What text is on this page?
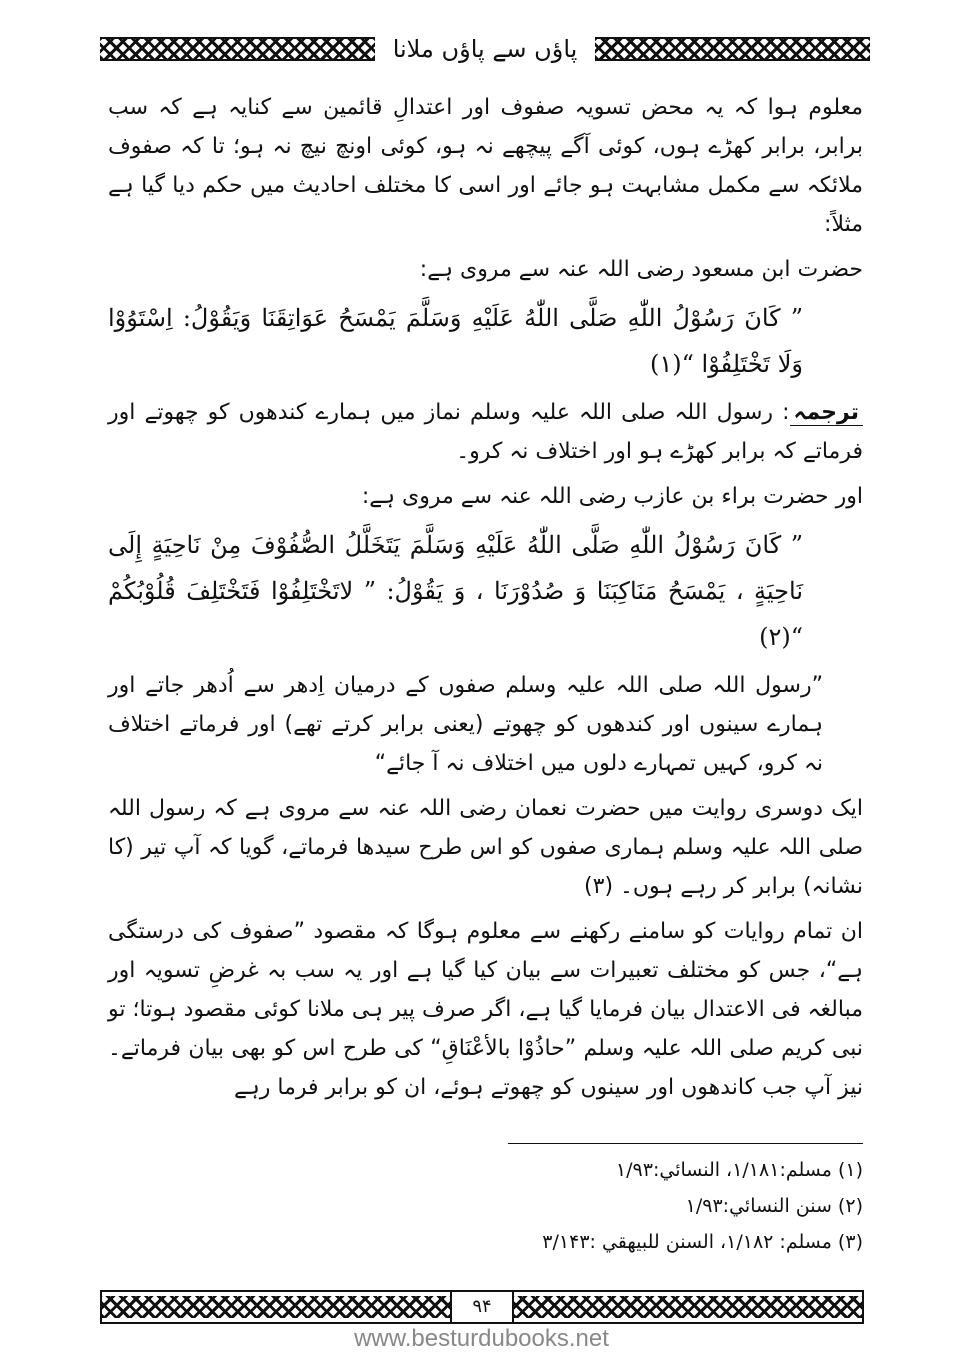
پاؤں سے پاؤں ملانا

معلوم ہوا کہ یہ محض تسویہ صفوف اور اعتدالِ قائمین سے کنایہ ہے کہ سب برابر، برابر کھڑے ہوں، کوئی آگے پیچھے نہ ہو، کوئی اونچ نیچ نہ ہو؛ تا کہ صفوف ملائکہ سے مکمل مشابہت ہو جائے اور اسی کا مختلف احادیث میں حکم دیا گیا ہے مثلاً:

حضرت ابن مسعود رضی اللہ عنہ سے مروی ہے:

” كَانَ رَسُوْلُ اللّٰهِ صَلَّى اللّٰهُ عَلَيْهِ وَسَلَّمَ يَمْسَحُ عَوَاتِقَنَا وَيَقُوْلُ: اِسْتَوُوْا وَلَا تَخْتَلِفُوْا “(۱)

ترجمہ: رسول اللہ صلی اللہ علیہ وسلم نماز میں ہمارے کندھوں کو چھوتے اور فرماتے کہ برابر کھڑے ہو اور اختلاف نہ کرو۔

اور حضرت براء بن عازب رضی اللہ عنہ سے مروی ہے:

” كَانَ رَسُوْلُ اللّٰهِ صَلَّى اللّٰهُ عَلَيْهِ وَسَلَّمَ يَتَخَلَّلُ الصُّفُوْفَ مِنْ نَاحِيَةٍ إِلَى نَاحِيَةٍ ، يَمْسَحُ مَنَاكِبَنَا وَ صُدُوْرَنَا ، وَ يَقُوْلُ: ” لاتَخْتَلِفُوْا فَتَخْتَلِفَ قُلُوْبُكُمْ “(۲)

”رسول اللہ صلی اللہ علیہ وسلم صفوں کے درمیان اِدھر سے اُدھر جاتے اور ہمارے سینوں اور کندھوں کو چھوتے (یعنی برابر کرتے تھے) اور فرماتے اختلاف نہ کرو، کہیں تمہارے دلوں میں اختلاف نہ آ جائے“

ایک دوسری روایت میں حضرت نعمان رضی اللہ عنہ سے مروی ہے کہ رسول اللہ صلی اللہ علیہ وسلم ہماری صفوں کو اس طرح سیدھا فرماتے، گویا کہ آپ تیر (کا نشانہ) برابر کر رہے ہوں۔ (۳)

ان تمام روایات کو سامنے رکھنے سے معلوم ہوگا کہ مقصود ”صفوف کی درستگی ہے“، جس کو مختلف تعبیرات سے بیان کیا گیا ہے اور یہ سب بہ غرضِ تسویہ اور مبالغہ فی الاعتدال بیان فرمایا گیا ہے، اگر صرف پیر ہی ملانا کوئی مقصود ہوتا؛ تو نبی کریم صلی اللہ علیہ وسلم ”حاذُوْا بالأعْنَاقِ“ کی طرح اس کو بھی بیان فرماتے۔ نیز آپ جب کاندھوں اور سینوں کو چھوتے ہوئے، ان کو برابر فرما رہے

(۱) مسلم:۱/۱۸۱، النسائي:۱/۹۳

(۲) سنن النسائي:۱/۹۳

(۳) مسلم: ۱/۱۸۲، السنن للبيهقي :۳/۱۴۳

۹۴
www.besturdubooks.net
